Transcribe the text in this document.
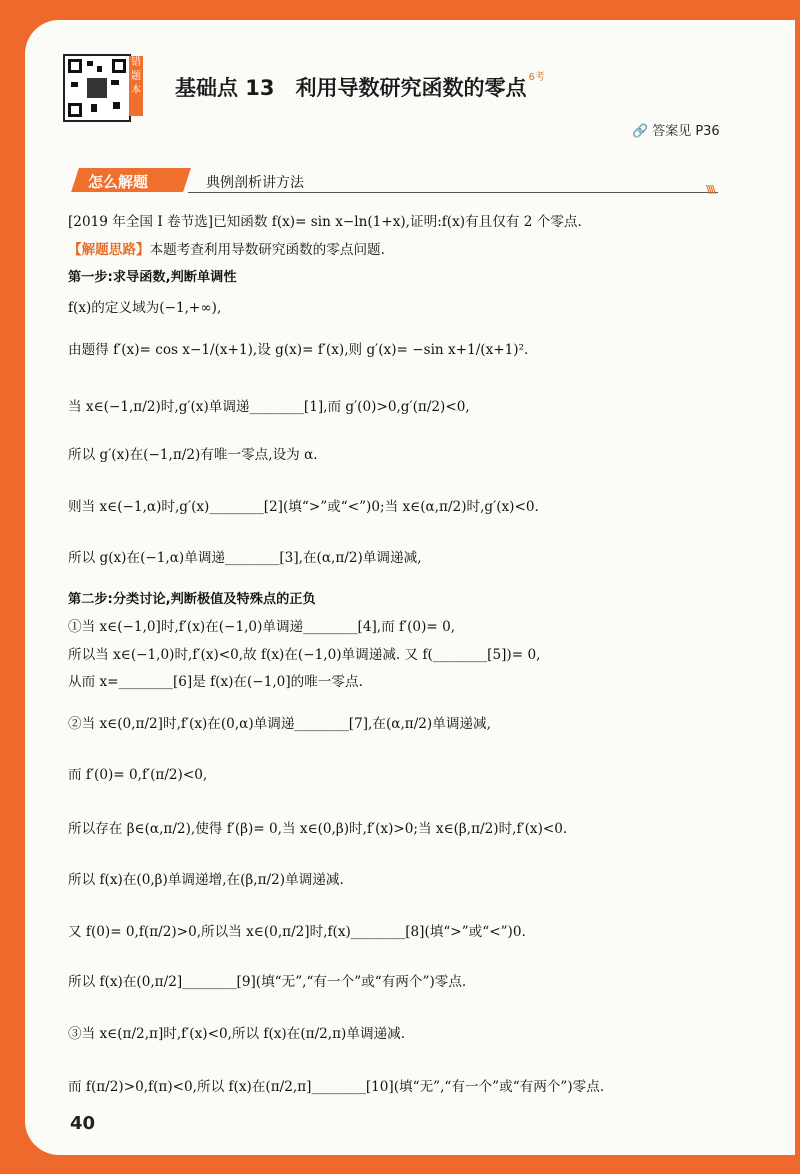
错题本 基础点 13　利用导数研究函数的零点 $^{6考}$
🔗 答案见 P36
怎么解题	典例剖析讲方法	\\\\
[2019 年全国 Ⅰ 卷节选]已知函数 f(x)= sin x−ln(1+x),证明:f(x)有且仅有 2 个零点.
【解题思路】本题考查利用导数研究函数的零点问题.
第一步:求导函数,判断单调性
f(x)的定义域为(−1,+∞),
由题得 f′(x)= cos x−1/(x+1),设 g(x)= f′(x),则 g′(x)= −sin x+1/(x+1)².
当 x∈(−1,π/2)时,g′(x)单调递________[1],而 g′(0)>0,g′(π/2)<0,
所以 g′(x)在(−1,π/2)有唯一零点,设为 α.
则当 x∈(−1,α)时,g′(x)________[2](填“>”或“<”)0;当 x∈(α,π/2)时,g′(x)<0.
所以 g(x)在(−1,α)单调递________[3],在(α,π/2)单调递减,
第二步:分类讨论,判断极值及特殊点的正负
①当 x∈(−1,0]时,f′(x)在(−1,0)单调递________[4],而 f′(0)= 0,
所以当 x∈(−1,0)时,f′(x)<0,故 f(x)在(−1,0)单调递减. 又 f(________[5])= 0,
从而 x=________[6]是 f(x)在(−1,0]的唯一零点.
②当 x∈(0,π/2]时,f′(x)在(0,α)单调递________[7],在(α,π/2)单调递减,
而 f′(0)= 0,f′(π/2)<0,
所以存在 β∈(α,π/2),使得 f′(β)= 0,当 x∈(0,β)时,f′(x)>0;当 x∈(β,π/2)时,f′(x)<0.
所以 f(x)在(0,β)单调递增,在(β,π/2)单调递减.
又 f(0)= 0,f(π/2)>0,所以当 x∈(0,π/2]时,f(x)________[8](填“>”或“<”)0.
所以 f(x)在(0,π/2]________[9](填“无”,“有一个”或“有两个”)零点.
③当 x∈(π/2,π]时,f′(x)<0,所以 f(x)在(π/2,π)单调递减.
而 f(π/2)>0,f(π)<0,所以 f(x)在(π/2,π]________[10](填“无”,“有一个”或“有两个”)零点.
40
